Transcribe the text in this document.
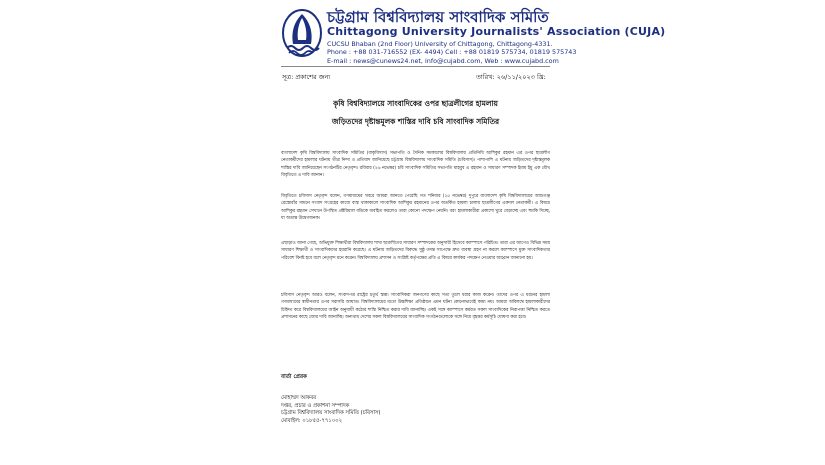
চট্টগ্রাম বিশ্ববিদ্যালয় সাংবাদিক সমিতি
Chittagong University Journalists' Association (CUJA)
CUCSU Bhaban (2nd Floor) University of Chittagong, Chittagong-4331.
Phone : +88 031-716552 (EX- 4494) Cell : +88 01819 575734, 01819 575743
E-mail : news@cunews24.net, info@cujabd.com, Web : www.cujabd.com
সূত্র: প্রকাশের জন্য	তারিখ: ২৬/১১/২০২৩ খ্রি:
কৃষি বিশ্ববিদ্যালয়ে সাংবাদিকের ওপর ছাত্রলীগের হামলায়
জড়িতদের দৃষ্টান্তমূলক শাস্তির দাবি চবি সাংবাদিক সমিতির
বাংলাদেশ কৃষি বিশ্ববিদ্যালয় সাংবাদিক সমিতির (বাকৃবিসাস) সভাপতি ও দৈনিক সমকালের বিশ্ববিদ্যালয় প্রতিনিধি আশিকুর রহমান এর ওপর ছাত্রলীগ নেতাকর্মীদের হামলার ঘটনায় তীব্র নিন্দা ও প্রতিবাদ জানিয়েছে চট্টগ্রাম বিশ্ববিদ্যালয় সাংবাদিক সমিতি (চবিসাস)। পাশাপাশি এ ঘটনায় জড়িতদের দৃষ্টান্তমূলক শাস্তির দাবি জানিয়েছেন সংগঠনটির নেতৃবৃন্দ। রবিবার (২৬ নভেম্বর) চবি সাংবাদিক সমিতির সভাপতি মাহবুব এ রহমান ও সাধারণ সম্পাদক ইমাম ইমু এক যৌথ বিবৃতিতে এ দাবি জানান।
বিবৃতিতে চবিসাস নেতৃবৃন্দ বলেন, গণমাধ্যমের খবরে আমরা জানতে পেরেছি গত শনিবার (২৫ নভেম্বর) দুপুরে বাংলাদেশ কৃষি বিশ্ববিদ্যালয়ের আশুগঞ্জ রেস্তোরাঁর সামনে সংবাদ সংগ্রহের কাজে ব্যস্ত থাকাকালে সাংবাদিক আশিকুর রহমানের ওপর অতর্কিত হামলা চালায় ছাত্রলীগের একদল নেতাকর্মী। এ বিষয়ে আশিকুর রহমান সেখানে উপস্থিত প্রক্টরিয়াল বডিকে অবহিত করলেও তারা কোনো পদক্ষেপ নেয়নি। বরং হামলাকারীরা প্রকাশ্যে ঘুরে বেড়াচ্ছে এবং হুমকি দিচ্ছে, যা অত্যন্ত উদ্বেগজনক।
এছাড়াও জানা গেছে, অভিযুক্ত শিক্ষার্থীরা বিশ্ববিদ্যালয় শাখা ছাত্রলীগের সাধারণ সম্পাদকের অনুসারী হিসেবে ক্যাম্পাসে পরিচিত। তারা এর আগেও বিভিন্ন সময় সাধারণ শিক্ষার্থী ও সাংবাদিকদের হয়রানি করেছে। এ ঘটনায় জড়িতদের বিরুদ্ধে সুষ্ঠু তদন্ত সাপেক্ষে দ্রুত ব্যবস্থা গ্রহণ না করলে ক্যাম্পাসে মুক্ত সাংবাদিকতার পরিবেশ বিনষ্ট হবে বলে নেতৃবৃন্দ মনে করেন। বিশ্ববিদ্যালয় প্রশাসন ও সংশ্লিষ্ট কর্তৃপক্ষের প্রতি এ বিষয়ে কার্যকর পদক্ষেপ নেওয়ার আহ্বান জানানো হয়।
চবিসাস নেতৃবৃন্দ আরও বলেন, সংবাদপত্র রাষ্ট্রের চতুর্থ স্তম্ভ। সাংবাদিকরা জনগণের কাছে সত্য তুলে ধরার কাজ করেন। তাদের ওপর এ ধরনের হামলা গণমাধ্যমের স্বাধীনতার ওপর সরাসরি আঘাত। বিশ্ববিদ্যালয়ের মতো উচ্চশিক্ষা প্রতিষ্ঠানে এমন ঘটনা কোনোভাবেই কাম্য নয়। আমরা অবিলম্বে হামলাকারীদের চিহ্নিত করে বিশ্ববিদ্যালয়ের আইন অনুযায়ী কঠোর শাস্তি নিশ্চিত করার দাবি জানাচ্ছি। একই সঙ্গে ক্যাম্পাসে কর্মরত সকল সাংবাদিকের নিরাপত্তা নিশ্চিত করতে প্রশাসনের কাছে জোর দাবি জানাচ্ছি। অন্যথায় দেশের সকল বিশ্ববিদ্যালয়ের সাংবাদিক সংগঠনগুলোকে সঙ্গে নিয়ে বৃহত্তর কর্মসূচি ঘোষণা করা হবে।
বার্তা প্রেরক
মোহাম্মদ আকবর
দপ্তর, প্রচার ও প্রকাশনা সম্পাদক
চট্টগ্রাম বিশ্ববিদ্যালয় সাংবাদিক সমিতি (চবিসাস)
মোবাইল: ০১৮৫৫-৭৭১০০২
